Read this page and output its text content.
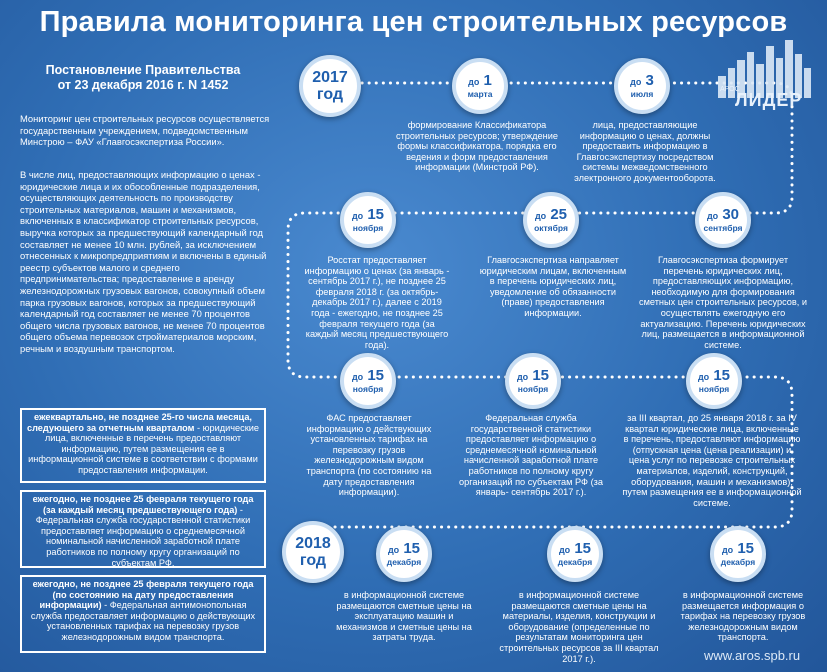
Правила мониторинга цен строительных ресурсов
АРОС
ЛИДЕР
Постановление Правительства
от 23 декабря 2016 г. N 1452
Мониторинг цен строительных ресурсов осуществляется государственным учреждением, подведомственным Минстрою – ФАУ «Главгосэкспертиза России».
В числе лиц, предоставляющих информацию о ценах - юридические лица и их обособленные подразделения, осуществляющих деятельность по производству строительных материалов, машин и механизмов, включенных в классификатор строительных ресурсов, выручка которых за предшествующий календарный год составляет не менее 10 млн. рублей, за исключением отнесенных к микропредприятиям и включены в единый реестр субъектов малого и среднего предпринимательства; предоставление в аренду железнодорожных грузовых вагонов, совокупный объем парка грузовых вагонов, которых за предшествующий календарный год составляет не менее 70 процентов общего числа грузовых вагонов, не менее 70 процентов общего объема перевозок стройматериалов морским, речным и воздушным транспортом.
ежеквартально, не позднее 25-го числа месяца, следующего за отчетным кварталом - юридические лица, включенные в перечень предоставляют информацию, путем размещения ее в информационной системе в соответствии с формами предоставления информации.
ежегодно, не позднее 25 февраля текущего года (за каждый месяц предшествующего года) - Федеральная служба государственной статистики предоставляет информацию о среднемесячной номинальной начисленной заработной плате работников по полному кругу организаций по субъектам РФ.
ежегодно, не позднее 25 февраля текущего года (по состоянию на дату предоставления информации) - Федеральная антимонопольная служба предоставляет информацию о действующих установленных тарифах на перевозку грузов железнодорожным видом транспорта.
2017
год
до 1
марта
до 3
июля
формирование Классификатора строительных ресурсов; утверждение формы классификатора, порядка его ведения и форм предоставления информации (Минстрой РФ).
лица, предоставляющие информацию о ценах, должны предоставить информацию в Главгосэкспертизу посредством системы межведомственного электронного документооборота.
до 15
ноября
до 25
октября
до 30
сентября
Росстат предоставляет информацию о ценах (за январь - сентябрь 2017 г.), не позднее 25 февраля 2018 г. (за октябрь- декабрь 2017 г.), далее с 2019 года - ежегодно, не позднее 25 февраля текущего года (за каждый месяц предшествующего года).
Главгосэкспертиза направляет юридическим лицам, включенным в перечень юридических лиц, уведомление об обязанности (праве) предоставления информации.
Главгосэкспертиза формирует перечень юридических лиц, предоставляющих информацию, необходимую для формирования сметных цен строительных ресурсов, и осуществлять ежегодную его актуализацию. Перечень юридических лиц, размещается в информационной системе.
до 15
ноября
до 15
ноября
до 15
ноября
ФАС предоставляет информацию о действующих установленных тарифах на перевозку грузов железнодорожным видом транспорта (по состоянию на дату предоставления информации).
Федеральная служба государственной статистики предоставляет информацию о среднемесячной номинальной начисленной заработной плате работников по полному кругу организаций по субъектам РФ (за январь- сентябрь 2017 г.).
за III квартал, до 25 января 2018 г. за IV квартал юридические лица, включенные в перечень, предоставляют информацию (отпускная цена (цена реализации) и цена услуг по перевозке строительных материалов, изделий, конструкций, оборудования, машин и механизмов), путем размещения ее в информационной системе.
2018
год
до 15
декабря
до 15
декабря
до 15
декабря
в информационной системе размещаются сметные цены на эксплуатацию машин и механизмов и сметные цены на затраты труда.
в информационной системе размещаются сметные цены на материалы, изделия, конструкции и оборудование (определенные по результатам мониторинга цен строительных ресурсов за III квартал 2017 г.).
в информационной системе размещается информация о тарифах на перевозку грузов железнодорожным видом транспорта.
www.aros.spb.ru
